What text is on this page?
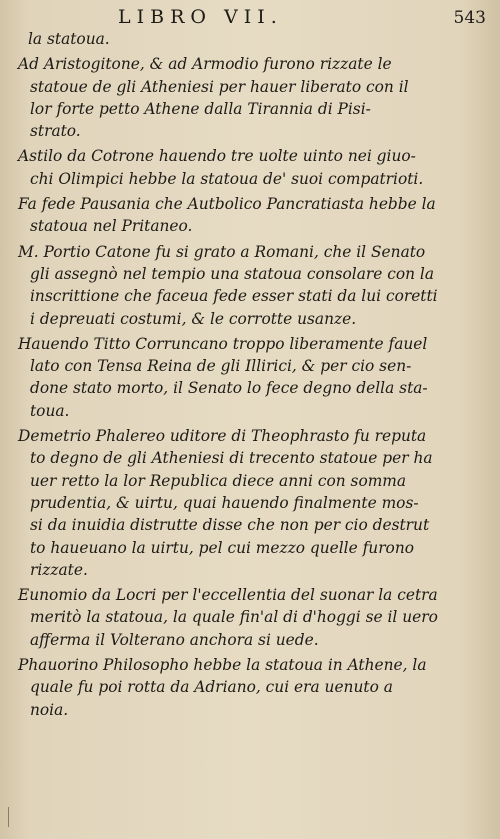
LIBRO VII.	543
la statoua.
Ad Aristogitone, & ad Armodio furono rizzate le
statoue de gli Atheniesi per hauer liberato con il
lor forte petto Athene dalla Tirannia di Pisi-
strato.
Astilo da Cotrone hauendo tre uolte uinto nei giuo-
chi Olimpici hebbe la statoua de' suoi compatrioti.
Fa fede Pausania che Autbolico Pancratiasta hebbe la
statoua nel Pritaneo.
M. Portio Catone fu si grato a Romani, che il Senato
gli assegnò nel tempio una statoua consolare con la
inscrittione che faceua fede esser stati da lui coretti
i depreuati costumi, & le corrotte usanze.
Hauendo Titto Corruncano troppo liberamente fauel
lato con Tensa Reina de gli Illirici, & per cio sen-
done stato morto, il Senato lo fece degno della sta-
toua.
Demetrio Phalereo uditore di Theophrasto fu reputa
to degno de gli Atheniesi di trecento statoue per ha
uer retto la lor Republica diece anni con somma
prudentia, & uirtu, quai hauendo finalmente mos-
si da inuidia distrutte disse che non per cio destrut
to haueuano la uirtu, pel cui mezzo quelle furono
rizzate.
Eunomio da Locri per l'eccellentia del suonar la cetra
meritò la statoua, la quale fin'al di d'hoggi se il uero
afferma il Volterano anchora si uede.
Phauorino Philosopho hebbe la statoua in Athene, la
quale fu poi rotta da Adriano, cui era uenuto a
noia.
